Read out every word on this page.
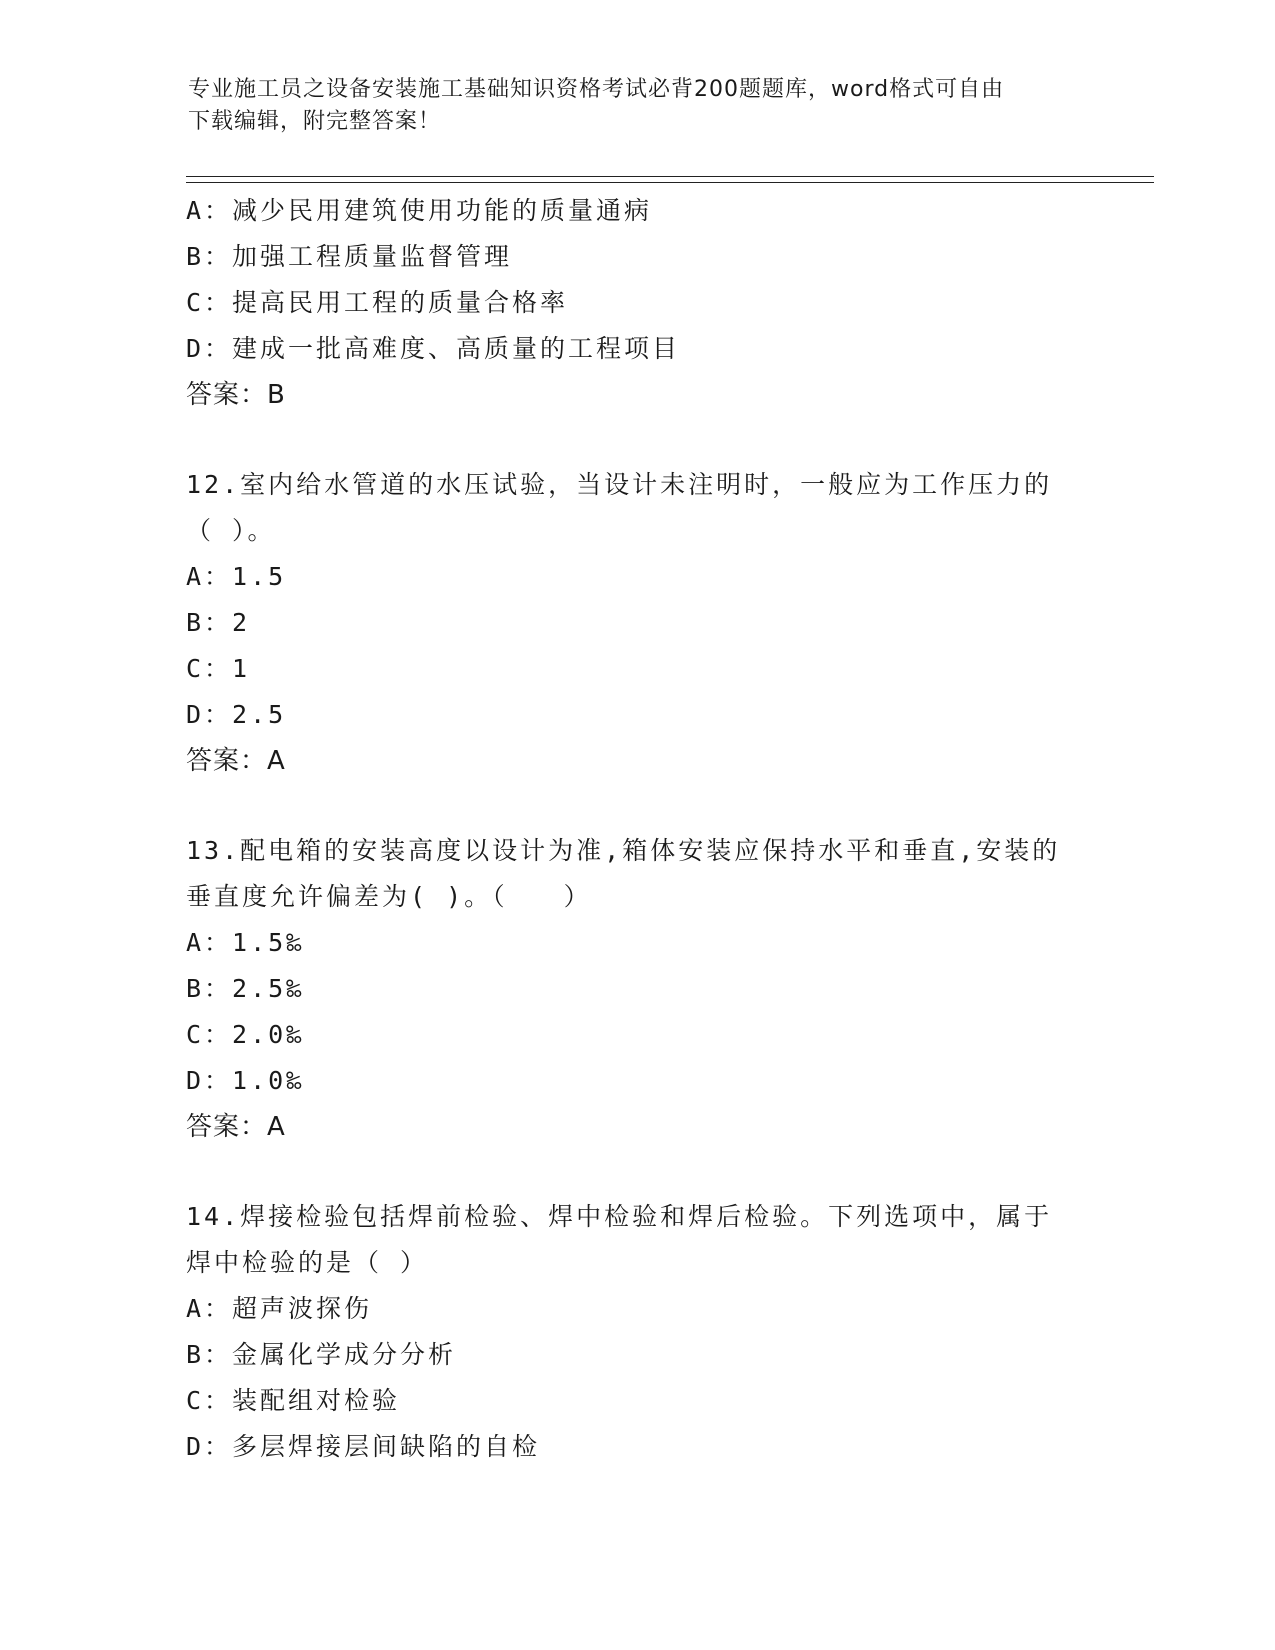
专业施工员之设备安装施工基础知识资格考试必背200题题库，word格式可自由
下载编辑，附完整答案！
A：减少民用建筑使用功能的质量通病
B：加强工程质量监督管理
C：提高民用工程的质量合格率
D：建成一批高难度、高质量的工程项目
答案：B
12.室内给水管道的水压试验，当设计未注明时，一般应为工作压力的
（ ）。
A：1.5
B：2
C：1
D：2.5
答案：A
13.配电箱的安装高度以设计为准,箱体安装应保持水平和垂直,安装的
垂直度允许偏差为( )。（　　）
A：1.5‰
B：2.5‰
C：2.0‰
D：1.0‰
答案：A
14.焊接检验包括焊前检验、焊中检验和焊后检验。下列选项中，属于
焊中检验的是（ ）
A：超声波探伤
B：金属化学成分分析
C：装配组对检验
D：多层焊接层间缺陷的自检
